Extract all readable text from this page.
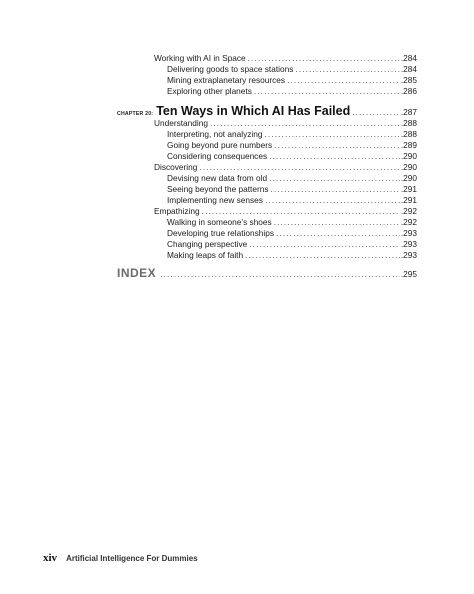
Working with AI in Space . . .	.284
Delivering goods to space stations . . .	.284
Mining extraplanetary resources . . .	.285
Exploring other planets . . .	.286
CHAPTER 20: Ten Ways in Which AI Has Failed . . .	.287
Understanding . . .	.288
Interpreting, not analyzing . . .	.288
Going beyond pure numbers . . .	.289
Considering consequences . . .	.290
Discovering . . .	.290
Devising new data from old . . .	.290
Seeing beyond the patterns . . .	.291
Implementing new senses . . .	.291
Empathizing . . .	.292
Walking in someone’s shoes . . .	.292
Developing true relationships . . .	.293
Changing perspective . . .	.293
Making leaps of faith . . .	.293
INDEX . . .	.295
xiv Artificial Intelligence For Dummies
